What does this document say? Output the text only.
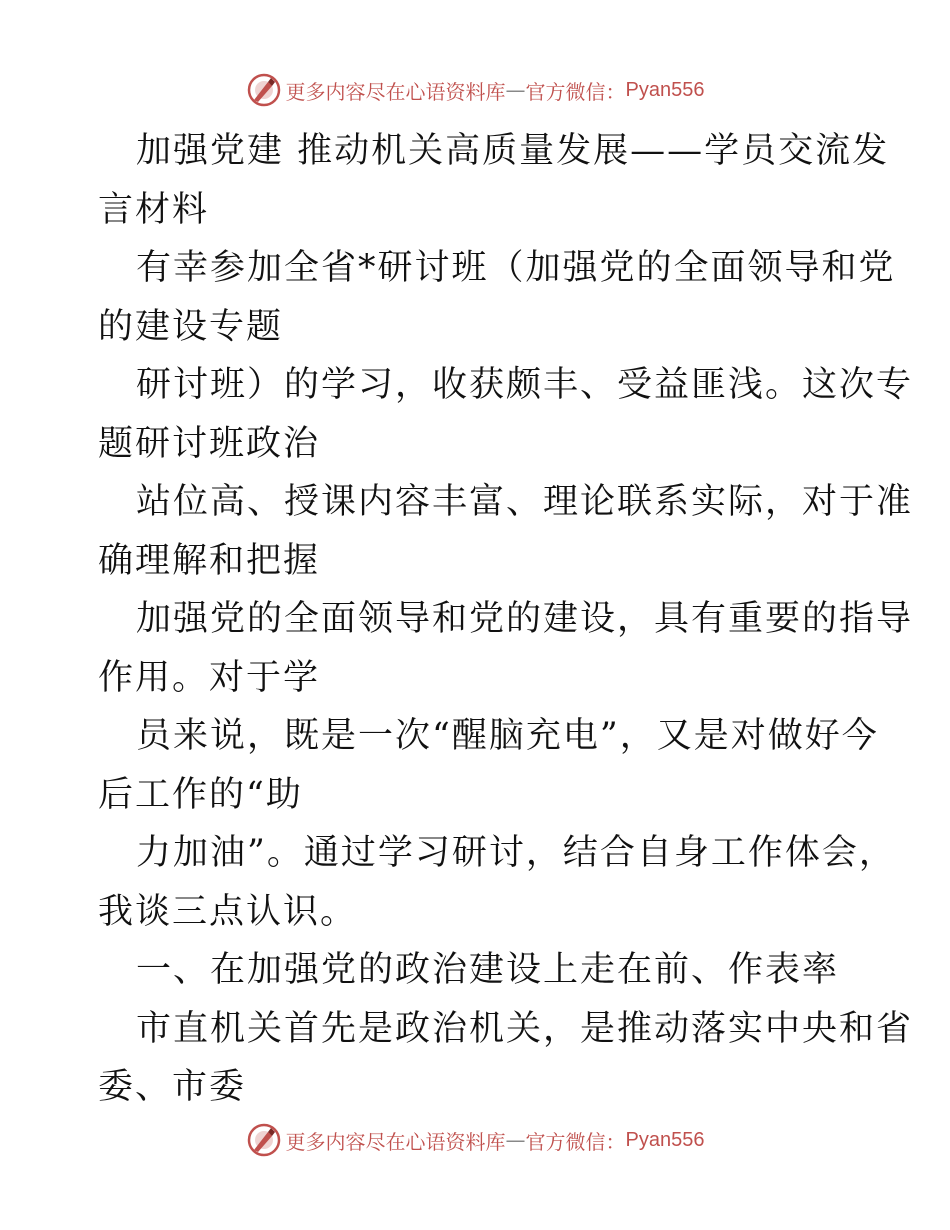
更多内容尽在心语资料库 — 官方微信： Pyan556
加强党建 推动机关高质量发展——学员交流发
言材料
有幸参加全省*研讨班（加强党的全面领导和党
的建设专题
研讨班）的学习，收获颇丰、受益匪浅。这次专
题研讨班政治
站位高、授课内容丰富、理论联系实际，对于准
确理解和把握
加强党的全面领导和党的建设，具有重要的指导
作用。对于学
员来说，既是一次“醒脑充电”，又是对做好今
后工作的“助
力加油”。通过学习研讨，结合自身工作体会，
我谈三点认识。
一、在加强党的政治建设上走在前、作表率
市直机关首先是政治机关，是推动落实中央和省
委、市委
更多内容尽在心语资料库 — 官方微信： Pyan556
